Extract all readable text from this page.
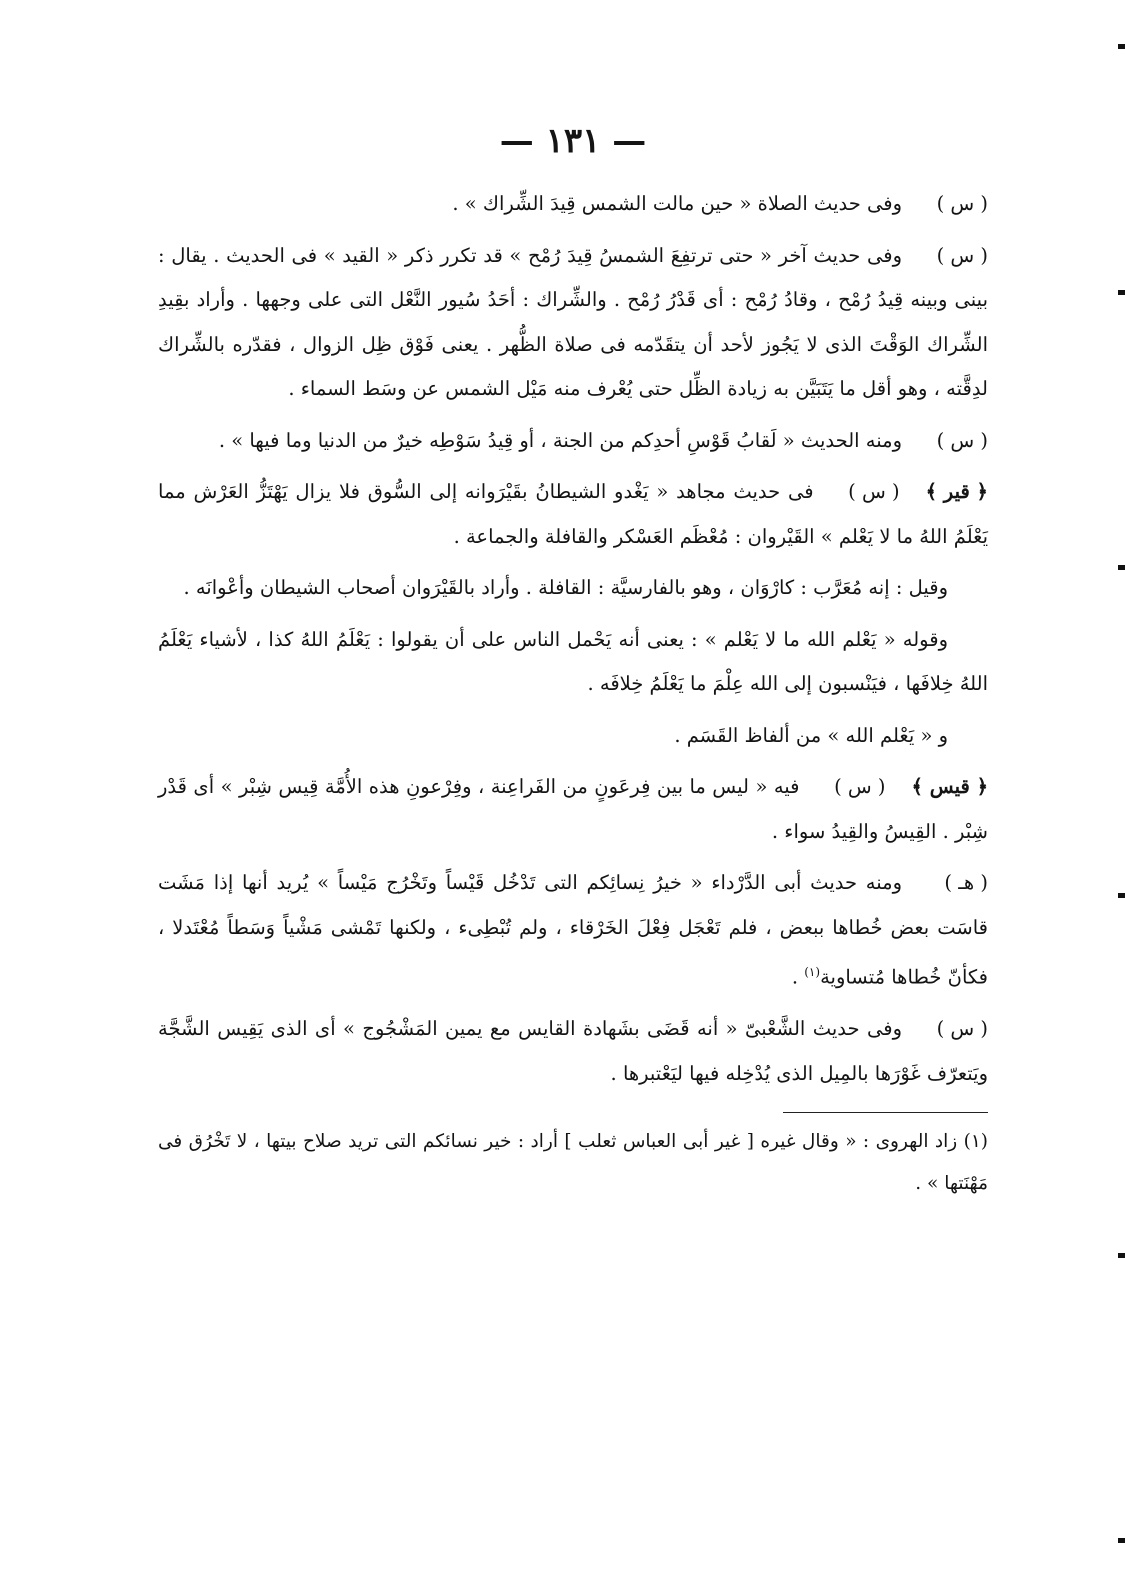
— ١٣١ —

( س )وفى حديث الصلاة « حين مالت الشمس قِيدَ الشِّراك » .

( س )وفى حديث آخر « حتى ترتفِعَ الشمسُ قِيدَ رُمْح » قد تكرر ذكر « القيد » فى الحديث . يقال : بينى وبينه قِيدُ رُمْح ، وقادُ رُمْح : أى قَدْرُ رُمْح . والشِّراك : أحَدُ سُيور النَّعْل التى على وجهها . وأراد بقِيدِ الشِّراك الوَقْتَ الذى لا يَجُوز لأحد أن يتقَدّمه فى صلاة الظُّهر . يعنى فَوْق ظِل الزوال ، فقدّره بالشِّراك لدِقَّته ، وهو أقل ما يَتَبَيَّن به زيادة الظِّل حتى يُعْرف منه مَيْل الشمس عن وسَط السماء .

( س )ومنه الحديث « لَقابُ قَوْسِ أحدِكم من الجنة ، أو قِيدُ سَوْطِه خيرٌ من الدنيا وما فيها » .

﴿ قير ﴾( س )فى حديث مجاهد « يَغْدو الشيطانُ بقَيْرَوانه إلى السُّوق فلا يزال يَهْتَزُّ العَرْش مما يَعْلَمُ اللهُ ما لا يَعْلم » القَيْروان : مُعْظَم العَسْكر والقافلة والجماعة .

وقيل : إنه مُعَرَّب : كارْوَان ، وهو بالفارسيَّة : القافلة . وأراد بالقَيْرَوان أصحاب الشيطان وأعْوانَه .

وقوله « يَعْلم الله ما لا يَعْلم » : يعنى أنه يَحْمل الناس على أن يقولوا : يَعْلَمُ اللهُ كذا ، لأشياء يَعْلَمُ اللهُ خِلافَها ، فيَنْسبون إلى الله عِلْمَ ما يَعْلَمُ خِلافَه .

و « يَعْلم الله » من ألفاظ القَسَم .

﴿ قيس ﴾( س )فيه « ليس ما بين فِرعَونٍ من الفَراعِنة ، وفِرْعونِ هذه الأُمَّة قِيس شِبْر » أى قَدْر شِبْر . القِيسُ والقِيدُ سواء .

( هـ )ومنه حديث أبى الدَّرْداء « خيرُ نِسائِكم التى تَدْخُل قَيْساً وتَخْرُج مَيْساً » يُريد أنها إذا مَشَت قاسَت بعض خُطاها ببعض ، فلم تَعْجَل فِعْلَ الخَرْقاء ، ولم تُبْطِىء ، ولكنها تَمْشى مَشْياً وَسَطاً مُعْتَدلا ، فكأنّ خُطاها مُتساوية$^{(١)}$ .

( س )وفى حديث الشَّعْبىّ « أنه قَضَى بشَهادة القايس مع يمين المَشْجُوج » أى الذى يَقِيس الشَّجَّة ويَتعرّف غَوْرَها بالمِيل الذى يُدْخِله فيها ليَعْتبرها .

(١) زاد الهروى : « وقال غيره [ غير أبى العباس ثعلب ] أراد : خير نسائكم التى تريد صلاح بيتها ، لا تَخْرُق فى مَهْنَتها » .
